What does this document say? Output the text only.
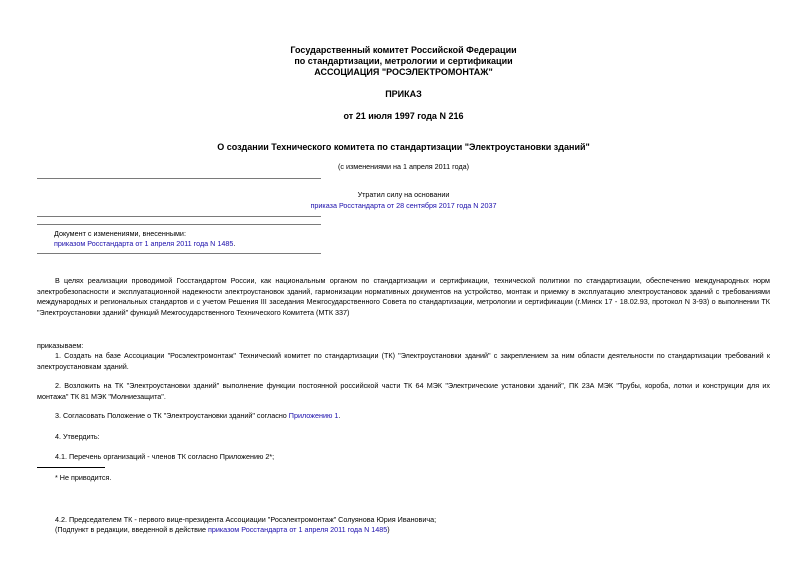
Государственный комитет Российской Федерации
по стандартизации, метрологии и сертификации
АССОЦИАЦИЯ "РОСЭЛЕКТРОМОНТАЖ"
ПРИКАЗ
от 21 июля 1997 года N 216
О создании Технического комитета по стандартизации "Электроустановки зданий"
(с изменениями на 1 апреля 2011 года)
Утратил силу на основании
приказа Росстандарта от 28 сентября 2017 года N 2037
Документ с изменениями, внесенными:
приказом Росстандарта от 1 апреля 2011 года N 1485.
В целях реализации проводимой Госстандартом России, как национальным органом по стандартизации и сертификации, технической политики по стандартизации, обеспечению международных норм электробезопасности и эксплуатационной надежности электроустановок зданий, гармонизации нормативных документов на устройство, монтаж и приемку в эксплуатацию электроустановок зданий с требованиями международных и региональных стандартов и с учетом Решения III заседания Межгосударственного Совета по стандартизации, метрологии и сертификации (г.Минск 17 - 18.02.93, протокол N 3-93) о выполнении ТК "Электроустановки зданий" функций Межгосударственного Технического Комитета (МТК 337)
приказываем:
1. Создать на базе Ассоциации "Росэлектромонтаж" Технический комитет по стандартизации (ТК) "Электроустановки зданий" с закреплением за ним области деятельности по стандартизации требований к электроустановкам зданий.
2. Возложить на ТК "Электроустановки зданий" выполнение функции постоянной российской части ТК 64 МЭК "Электрические установки зданий", ПК 23А МЭК "Трубы, короба, лотки и конструкции для их монтажа" ТК 81 МЭК "Молниезащита".
3. Согласовать Положение о ТК "Электроустановки зданий" согласно Приложению 1.
4. Утвердить:
4.1. Перечень организаций - членов ТК согласно Приложению 2*;
* Не приводится.
4.2. Председателем ТК - первого вице-президента Ассоциации "Росэлектромонтаж" Солуянова Юрия Ивановича;
(Подпункт в редакции, введенной в действие приказом Росстандарта от 1 апреля 2011 года N 1485)
